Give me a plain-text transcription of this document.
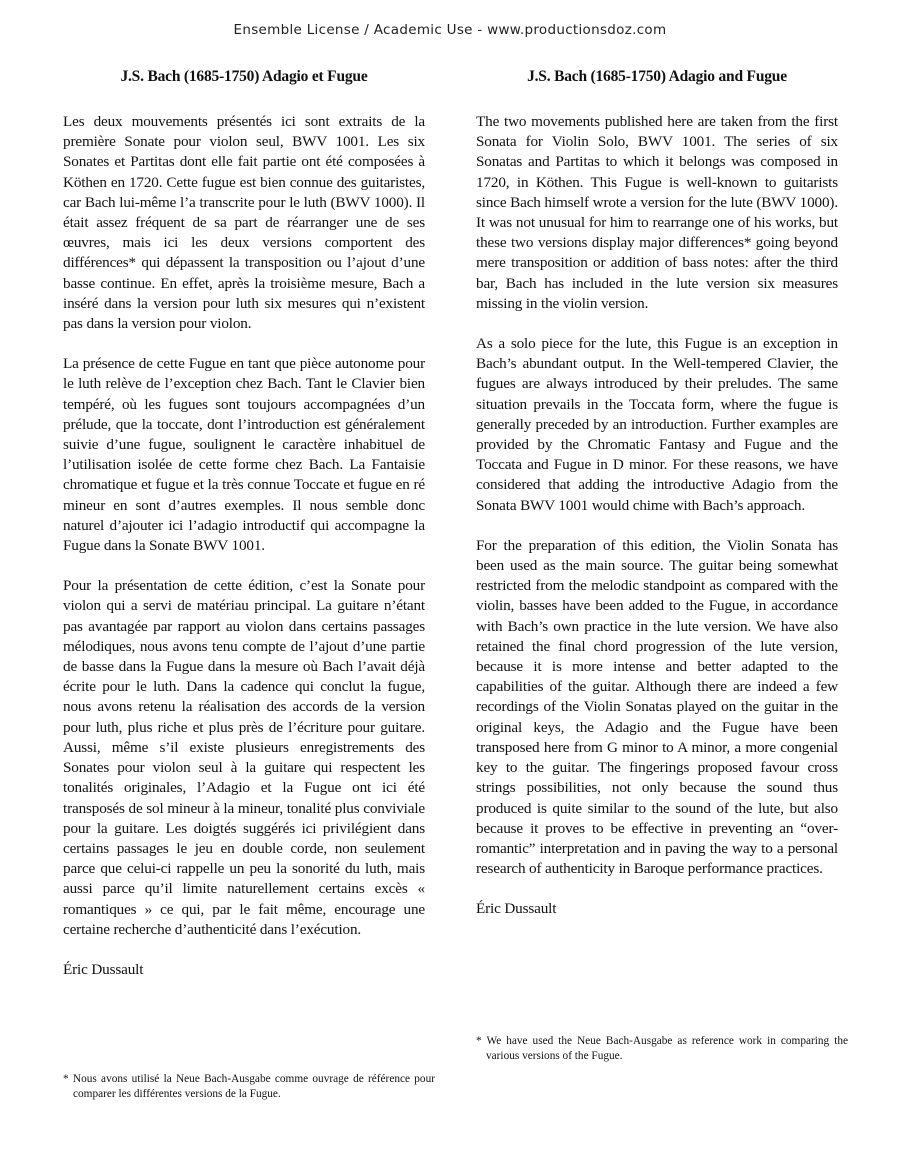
Ensemble License / Academic Use - www.productionsdoz.com
J.S. Bach (1685-1750) Adagio et Fugue

Les deux mouvements présentés ici sont extraits de la première Sonate pour violon seul, BWV 1001. Les six Sonates et Partitas dont elle fait partie ont été composées à Köthen en 1720. Cette fugue est bien connue des guitaristes, car Bach lui-même l’a transcrite pour le luth (BWV 1000). Il était assez fréquent de sa part de réarranger une de ses œuvres, mais ici les deux versions comportent des différences* qui dépassent la transposition ou l’ajout d’une basse continue. En effet, après la troisième mesure, Bach a inséré dans la version pour luth six mesures qui n’existent pas dans la version pour violon.

La présence de cette Fugue en tant que pièce autonome pour le luth relève de l’exception chez Bach. Tant le Clavier bien tempéré, où les fugues sont toujours accompagnées d’un prélude, que la toccate, dont l’introduction est généralement suivie d’une fugue, soulignent le caractère inhabituel de l’utilisation isolée de cette forme chez Bach. La Fantaisie chromatique et fugue et la très connue Toccate et fugue en ré mineur en sont d’autres exemples. Il nous semble donc naturel d’ajouter ici l’adagio introductif qui accompagne la Fugue dans la Sonate BWV 1001.

Pour la présentation de cette édition, c’est la Sonate pour violon qui a servi de matériau principal. La guitare n’étant pas avantagée par rapport au violon dans certains passages mélodiques, nous avons tenu compte de l’ajout d’une partie de basse dans la Fugue dans la mesure où Bach l’avait déjà écrite pour le luth. Dans la cadence qui conclut la fugue, nous avons retenu la réalisation des accords de la version pour luth, plus riche et plus près de l’écriture pour guitare. Aussi, même s’il existe plusieurs enregistrements des Sonates pour violon seul à la guitare qui respectent les tonalités originales, l’Adagio et la Fugue ont ici été transposés de sol mineur à la mineur, tonalité plus conviviale pour la guitare. Les doigtés suggérés ici privilégient dans certains passages le jeu en double corde, non seulement parce que celui-ci rappelle un peu la sonorité du luth, mais aussi parce qu’il limite naturellement certains excès « romantiques » ce qui, par le fait même, encourage une certaine recherche d’authenticité dans l’exécution.

Éric Dussault

* Nous avons utilisé la Neue Bach-Ausgabe comme ouvrage de référence pour comparer les différentes versions de la Fugue.
J.S. Bach (1685-1750) Adagio and Fugue

The two movements published here are taken from the first Sonata for Violin Solo, BWV 1001. The series of six Sonatas and Partitas to which it belongs was composed in 1720, in Köthen. This Fugue is well-known to guitarists since Bach himself wrote a version for the lute (BWV 1000). It was not unusual for him to rearrange one of his works, but these two versions display major differences* going beyond mere transposition or addition of bass notes: after the third bar, Bach has included in the lute version six measures missing in the violin version.

As a solo piece for the lute, this Fugue is an exception in Bach’s abundant output. In the Well-tempered Clavier, the fugues are always introduced by their preludes. The same situation prevails in the Toccata form, where the fugue is generally preceded by an introduction. Further examples are provided by the Chromatic Fantasy and Fugue and the Toccata and Fugue in D minor. For these reasons, we have considered that adding the introductive Adagio from the Sonata BWV 1001 would chime with Bach’s approach.

For the preparation of this edition, the Violin Sonata has been used as the main source. The guitar being somewhat restricted from the melodic standpoint as compared with the violin, basses have been added to the Fugue, in accordance with Bach’s own practice in the lute version. We have also retained the final chord progression of the lute version, because it is more intense and better adapted to the capabilities of the guitar. Although there are indeed a few recordings of the Violin Sonatas played on the guitar in the original keys, the Adagio and the Fugue have been transposed here from G minor to A minor, a more congenial key to the guitar. The fingerings proposed favour cross strings possibilities, not only because the sound thus produced is quite similar to the sound of the lute, but also because it proves to be effective in preventing an “over-romantic” interpretation and in paving the way to a personal research of authenticity in Baroque performance practices.

Éric Dussault

* We have used the Neue Bach-Ausgabe as reference work in comparing the various versions of the Fugue.
